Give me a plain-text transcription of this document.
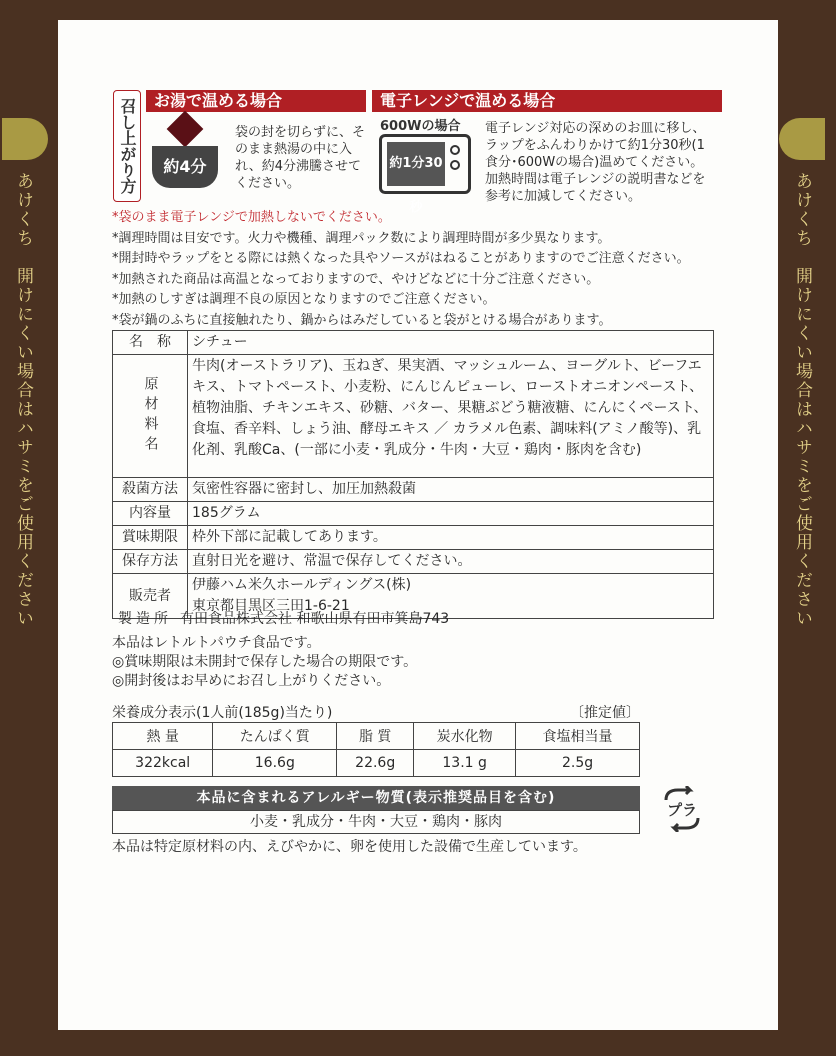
あけくち　開けにくい場合はハサミをご使用ください
あけくち　開けにくい場合はハサミをご使用ください
召し上がり方	お湯で温める場合	電子レンジで温める場合
約4分
袋の封を切らずに、そのまま熱湯の中に入れ、約4分沸騰させてください。
600Wの場合
約1分30秒
電子レンジ対応の深めのお皿に移し、ラップをふんわりかけて約1分30秒(1食分･600Wの場合)温めてください。加熱時間は電子レンジの説明書などを参考に加減してください。
*袋のまま電子レンジで加熱しないでください。
*調理時間は目安です。火力や機種、調理パック数により調理時間が多少異なります。
*開封時やラップをとる際には熱くなった具やソースがはねることがありますのでご注意ください。
*加熱された商品は高温となっておりますので、やけどなどに十分ご注意ください。
*加熱のしすぎは調理不良の原因となりますのでご注意ください。
*袋が鍋のふちに直接触れたり、鍋からはみだしていると袋がとける場合があります。
名　称	シチュー

原材料名	牛肉(オーストラリア)、玉ねぎ、果実酒、マッシュルーム、ヨーグルト、ビーフエキス、トマトペースト、小麦粉、にんじんピューレ、ローストオニオンペースト、植物油脂、チキンエキス、砂糖、バター、果糖ぶどう糖液糖、にんにくペースト、食塩、香辛料、しょう油、酵母エキス ／ カラメル色素、調味料(アミノ酸等)、乳化剤、乳酸Ca、(一部に小麦・乳成分・牛肉・大豆・鶏肉・豚肉を含む)
殺菌方法	気密性容器に密封し、加圧加熱殺菌
内容量	185グラム
賞味期限	枠外下部に記載してあります。
保存方法	直射日光を避け、常温で保存してください。
販売者	伊藤ハム米久ホールディングス(株)
東京都目黒区三田1-6-21
製造所 有田食品株式会社 和歌山県有田市箕島743
本品はレトルトパウチ食品です。
◎賞味期限は未開封で保存した場合の期限です。
◎開封後はお早めにお召し上がりください。
栄養成分表示(1人前(185g)当たり)	〔推定値〕
熱 量	たんぱく質	脂 質	炭水化物	食塩相当量
322kcal	16.6g	22.6g	13.1 g	2.5g
本品に含まれるアレルギー物質(表示推奨品目を含む)
小麦・乳成分・牛肉・大豆・鶏肉・豚肉
本品は特定原材料の内、えびやかに、卵を使用した設備で生産しています。
プラ
